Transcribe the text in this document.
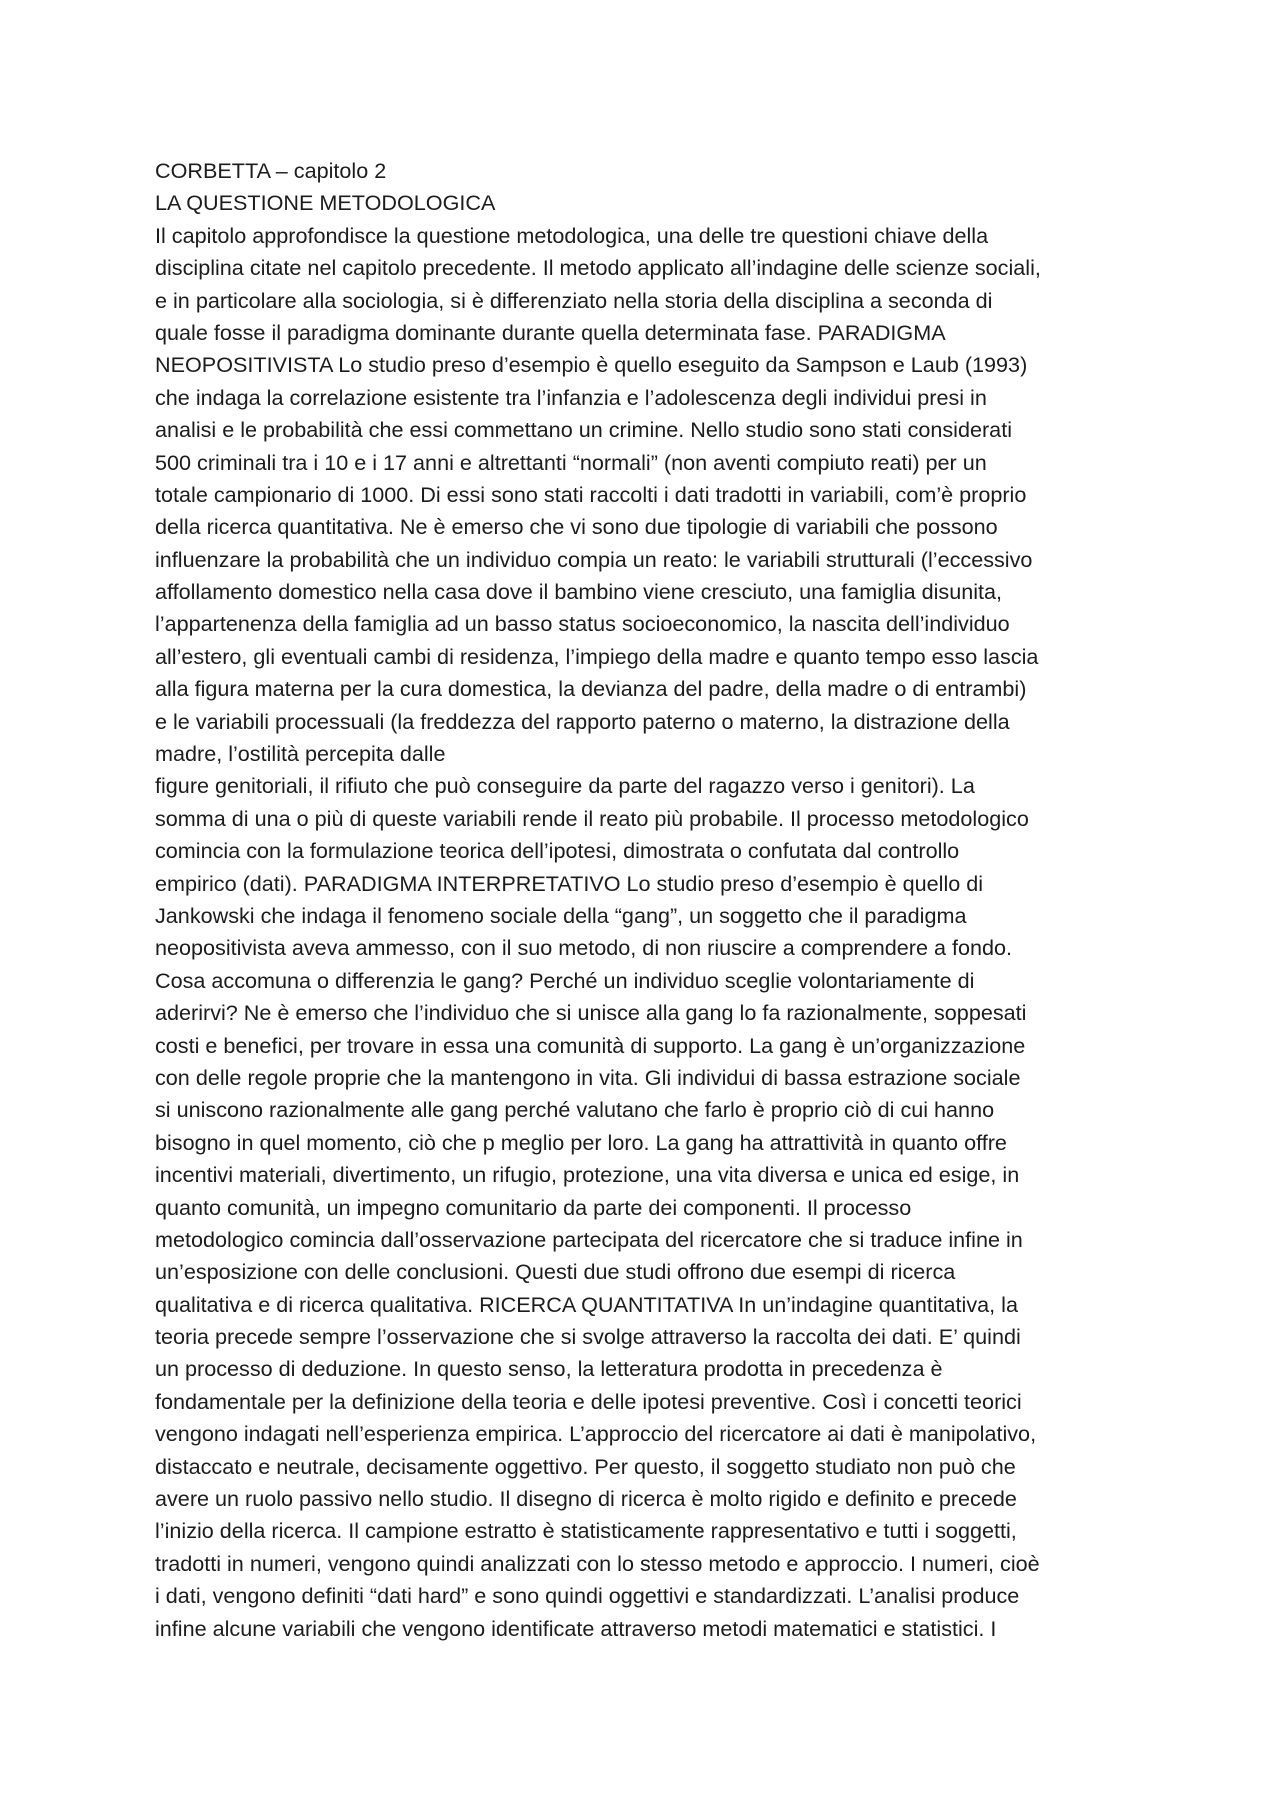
CORBETTA – capitolo 2
LA QUESTIONE METODOLOGICA
Il capitolo approfondisce la questione metodologica, una delle tre questioni chiave della
disciplina citate nel capitolo precedente. Il metodo applicato all’indagine delle scienze sociali,
e in particolare alla sociologia, si è differenziato nella storia della disciplina a seconda di
quale fosse il paradigma dominante durante quella determinata fase. PARADIGMA
NEOPOSITIVISTA Lo studio preso d’esempio è quello eseguito da Sampson e Laub (1993)
che indaga la correlazione esistente tra l’infanzia e l’adolescenza degli individui presi in
analisi e le probabilità che essi commettano un crimine. Nello studio sono stati considerati
500 criminali tra i 10 e i 17 anni e altrettanti “normali” (non aventi compiuto reati) per un
totale campionario di 1000. Di essi sono stati raccolti i dati tradotti in variabili, com’è proprio
della ricerca quantitativa. Ne è emerso che vi sono due tipologie di variabili che possono
influenzare la probabilità che un individuo compia un reato: le variabili strutturali (l’eccessivo
affollamento domestico nella casa dove il bambino viene cresciuto, una famiglia disunita,
l’appartenenza della famiglia ad un basso status socioeconomico, la nascita dell’individuo
all’estero, gli eventuali cambi di residenza, l’impiego della madre e quanto tempo esso lascia
alla figura materna per la cura domestica, la devianza del padre, della madre o di entrambi)
e le variabili processuali (la freddezza del rapporto paterno o materno, la distrazione della
madre, l’ostilità percepita dalle
figure genitoriali, il rifiuto che può conseguire da parte del ragazzo verso i genitori). La
somma di una o più di queste variabili rende il reato più probabile. Il processo metodologico
comincia con la formulazione teorica dell’ipotesi, dimostrata o confutata dal controllo
empirico (dati). PARADIGMA INTERPRETATIVO Lo studio preso d’esempio è quello di
Jankowski che indaga il fenomeno sociale della “gang”, un soggetto che il paradigma
neopositivista aveva ammesso, con il suo metodo, di non riuscire a comprendere a fondo.
Cosa accomuna o differenzia le gang? Perché un individuo sceglie volontariamente di
aderirvi? Ne è emerso che l’individuo che si unisce alla gang lo fa razionalmente, soppesati
costi e benefici, per trovare in essa una comunità di supporto. La gang è un’organizzazione
con delle regole proprie che la mantengono in vita. Gli individui di bassa estrazione sociale
si uniscono razionalmente alle gang perché valutano che farlo è proprio ciò di cui hanno
bisogno in quel momento, ciò che p meglio per loro. La gang ha attrattività in quanto offre
incentivi materiali, divertimento, un rifugio, protezione, una vita diversa e unica ed esige, in
quanto comunità, un impegno comunitario da parte dei componenti. Il processo
metodologico comincia dall’osservazione partecipata del ricercatore che si traduce infine in
un’esposizione con delle conclusioni. Questi due studi offrono due esempi di ricerca
qualitativa e di ricerca qualitativa. RICERCA QUANTITATIVA In un’indagine quantitativa, la
teoria precede sempre l’osservazione che si svolge attraverso la raccolta dei dati. E’ quindi
un processo di deduzione. In questo senso, la letteratura prodotta in precedenza è
fondamentale per la definizione della teoria e delle ipotesi preventive. Così i concetti teorici
vengono indagati nell’esperienza empirica. L’approccio del ricercatore ai dati è manipolativo,
distaccato e neutrale, decisamente oggettivo. Per questo, il soggetto studiato non può che
avere un ruolo passivo nello studio. Il disegno di ricerca è molto rigido e definito e precede
l’inizio della ricerca. Il campione estratto è statisticamente rappresentativo e tutti i soggetti,
tradotti in numeri, vengono quindi analizzati con lo stesso metodo e approccio. I numeri, cioè
i dati, vengono definiti “dati hard” e sono quindi oggettivi e standardizzati. L’analisi produce
infine alcune variabili che vengono identificate attraverso metodi matematici e statistici. I
